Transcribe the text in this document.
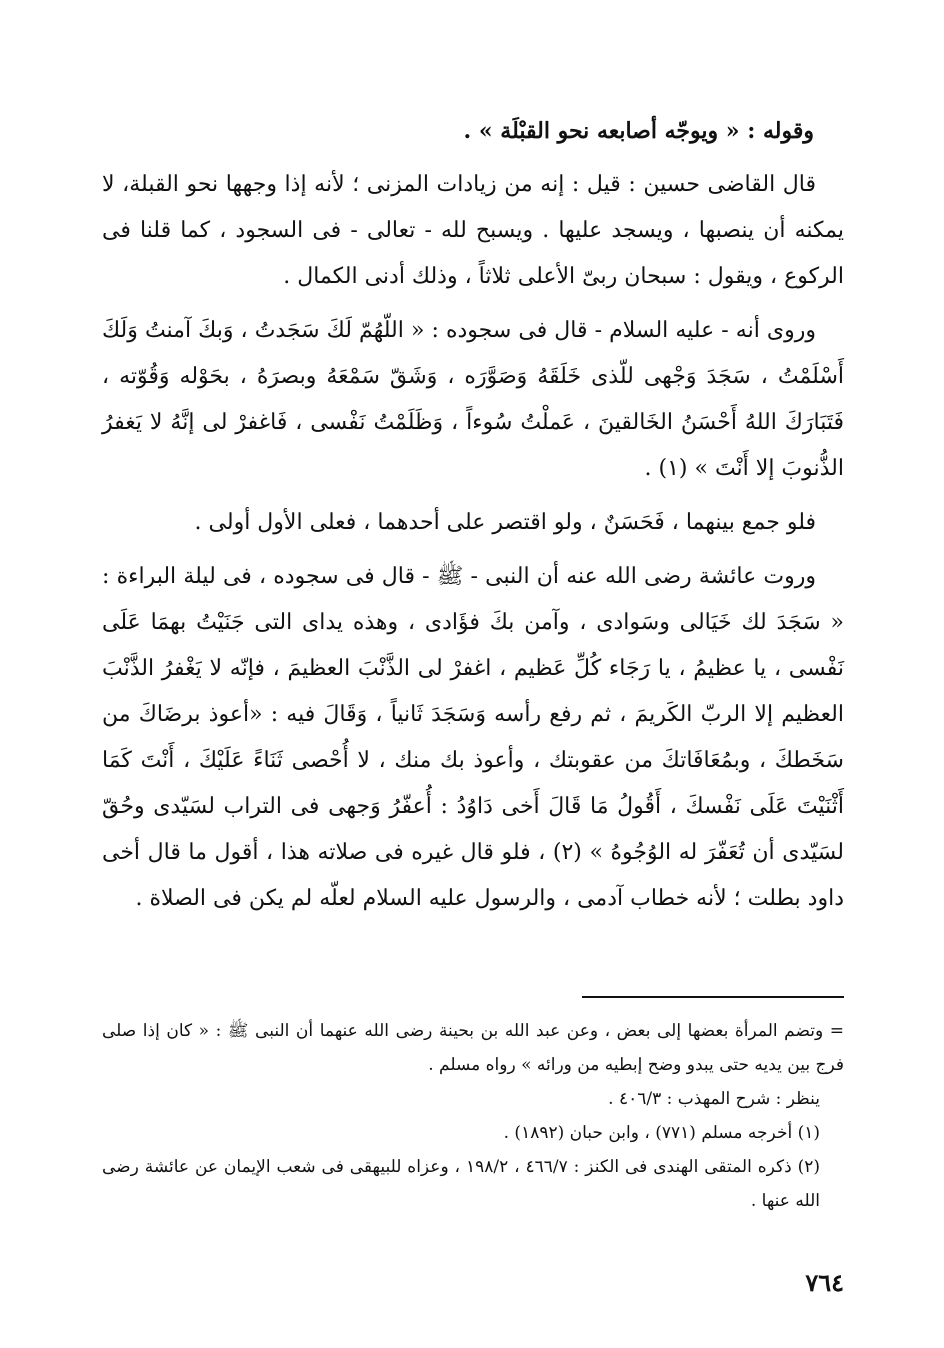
وقوله : « ويوجّه أصابعه نحو القبْلَة » .

قال القاضى حسين : قيل : إنه من زيادات المزنى ؛ لأنه إذا وجهها نحو القبلة، لا يمكنه أن ينصبها ، ويسجد عليها . ويسبح لله - تعالى - فى السجود ، كما قلنا فى الركوع ، ويقول : سبحان ربىّ الأعلى ثلاثاً ، وذلك أدنى الكمال .

وروى أنه - عليه السلام - قال فى سجوده : « اللّهُمّ لَكَ سَجَدتُ ، وَبكَ آمنتُ وَلَكَ أَسْلَمْتُ ، سَجَدَ وَجْهى للّذى خَلَقَهُ وَصَوَّرَه ، وَشَقّ سَمْعَهُ وبصرَهُ ، بحَوْله وَقُوّته ، فَتَبَارَكَ اللهُ أَحْسَنُ الخَالقينَ ، عَملْتُ سُوءاً ، وَظَلَمْتُ نَفْسى ، فَاغفرْ لى إنَّهُ لا يَغفرُ الذُّنوبَ إلا أَنْتَ » (١) .

فلو جمع بينهما ، فَحَسَنٌ ، ولو اقتصر على أحدهما ، فعلى الأول أولى .

وروت عائشة رضى الله عنه أن النبى - ﷺ - قال فى سجوده ، فى ليلة البراءة : « سَجَدَ لك خَيَالى وسَوادى ، وآمن بكَ فؤَادى ، وهذه يداى التى جَنَيْتُ بهمَا عَلَى نَفْسى ، يا عظيمُ ، يا رَجَاء كُلِّ عَظيم ، اغفرْ لى الذَّنْبَ العظيمَ ، فإنّه لا يَغْفرُ الذَّنْبَ العظيم إلا الربّ الكَريمَ ، ثم رفع رأسه وَسَجَدَ ثَانياً ، وَقَالَ فيه : «أعوذ برضَاكَ من سَخَطكَ ، وبمُعَافَاتكَ من عقوبتك ، وأعوذ بك منك ، لا أُحْصى ثَنَاءً عَلَيْكَ ، أَنْتَ كَمَا أَثْنَيْتَ عَلَى نَفْسكَ ، أَقُولُ مَا قَالَ أَخى دَاوُدُ : أُعفّرُ وَجهى فى التراب لسَيّدى وحُقّ لسَيّدى أن تُعَفّرَ له الوُجُوهُ » (٢) ، فلو قال غيره فى صلاته هذا ، أقول ما قال أخى داود بطلت ؛ لأنه خطاب آدمى ، والرسول عليه السلام لعلّه لم يكن فى الصلاة .

= وتضم المرأة بعضها إلى بعض ، وعن عبد الله بن بحينة رضى الله عنهما أن النبى ﷺ : « كان إذا صلى فرج بين يديه حتى يبدو وضح إبطيه من ورائه » رواه مسلم .

ينظر : شرح المهذب : ٤٠٦/٣ .

(١) أخرجه مسلم (٧٧١) ، وابن حبان (١٨٩٢) .

(٢) ذكره المتقى الهندى فى الكنز : ٤٦٦/٧ ، ١٩٨/٢ ، وعزاه للبيهقى فى شعب الإيمان عن عائشة رضى الله عنها .

٧٦٤
